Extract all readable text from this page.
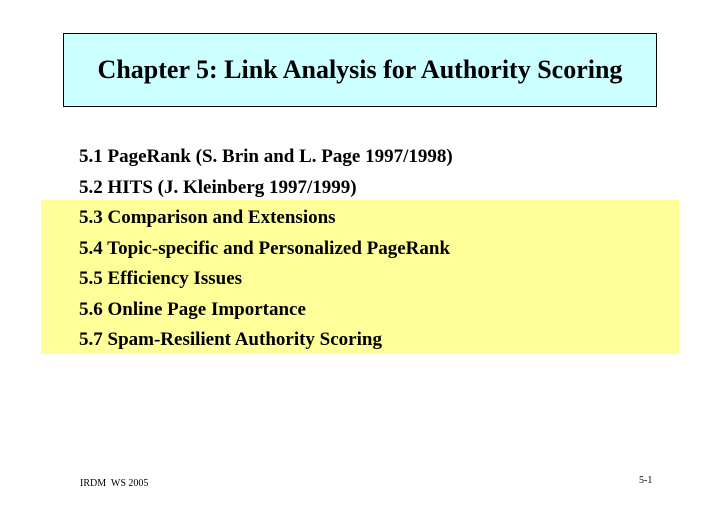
Chapter 5: Link Analysis for Authority Scoring
5.1 PageRank (S. Brin and L. Page 1997/1998)
5.2 HITS (J. Kleinberg 1997/1999)
5.3 Comparison and Extensions
5.4 Topic-specific and Personalized PageRank
5.5 Efficiency Issues
5.6 Online Page Importance
5.7 Spam-Resilient Authority Scoring
IRDM  WS 2005	5-1
